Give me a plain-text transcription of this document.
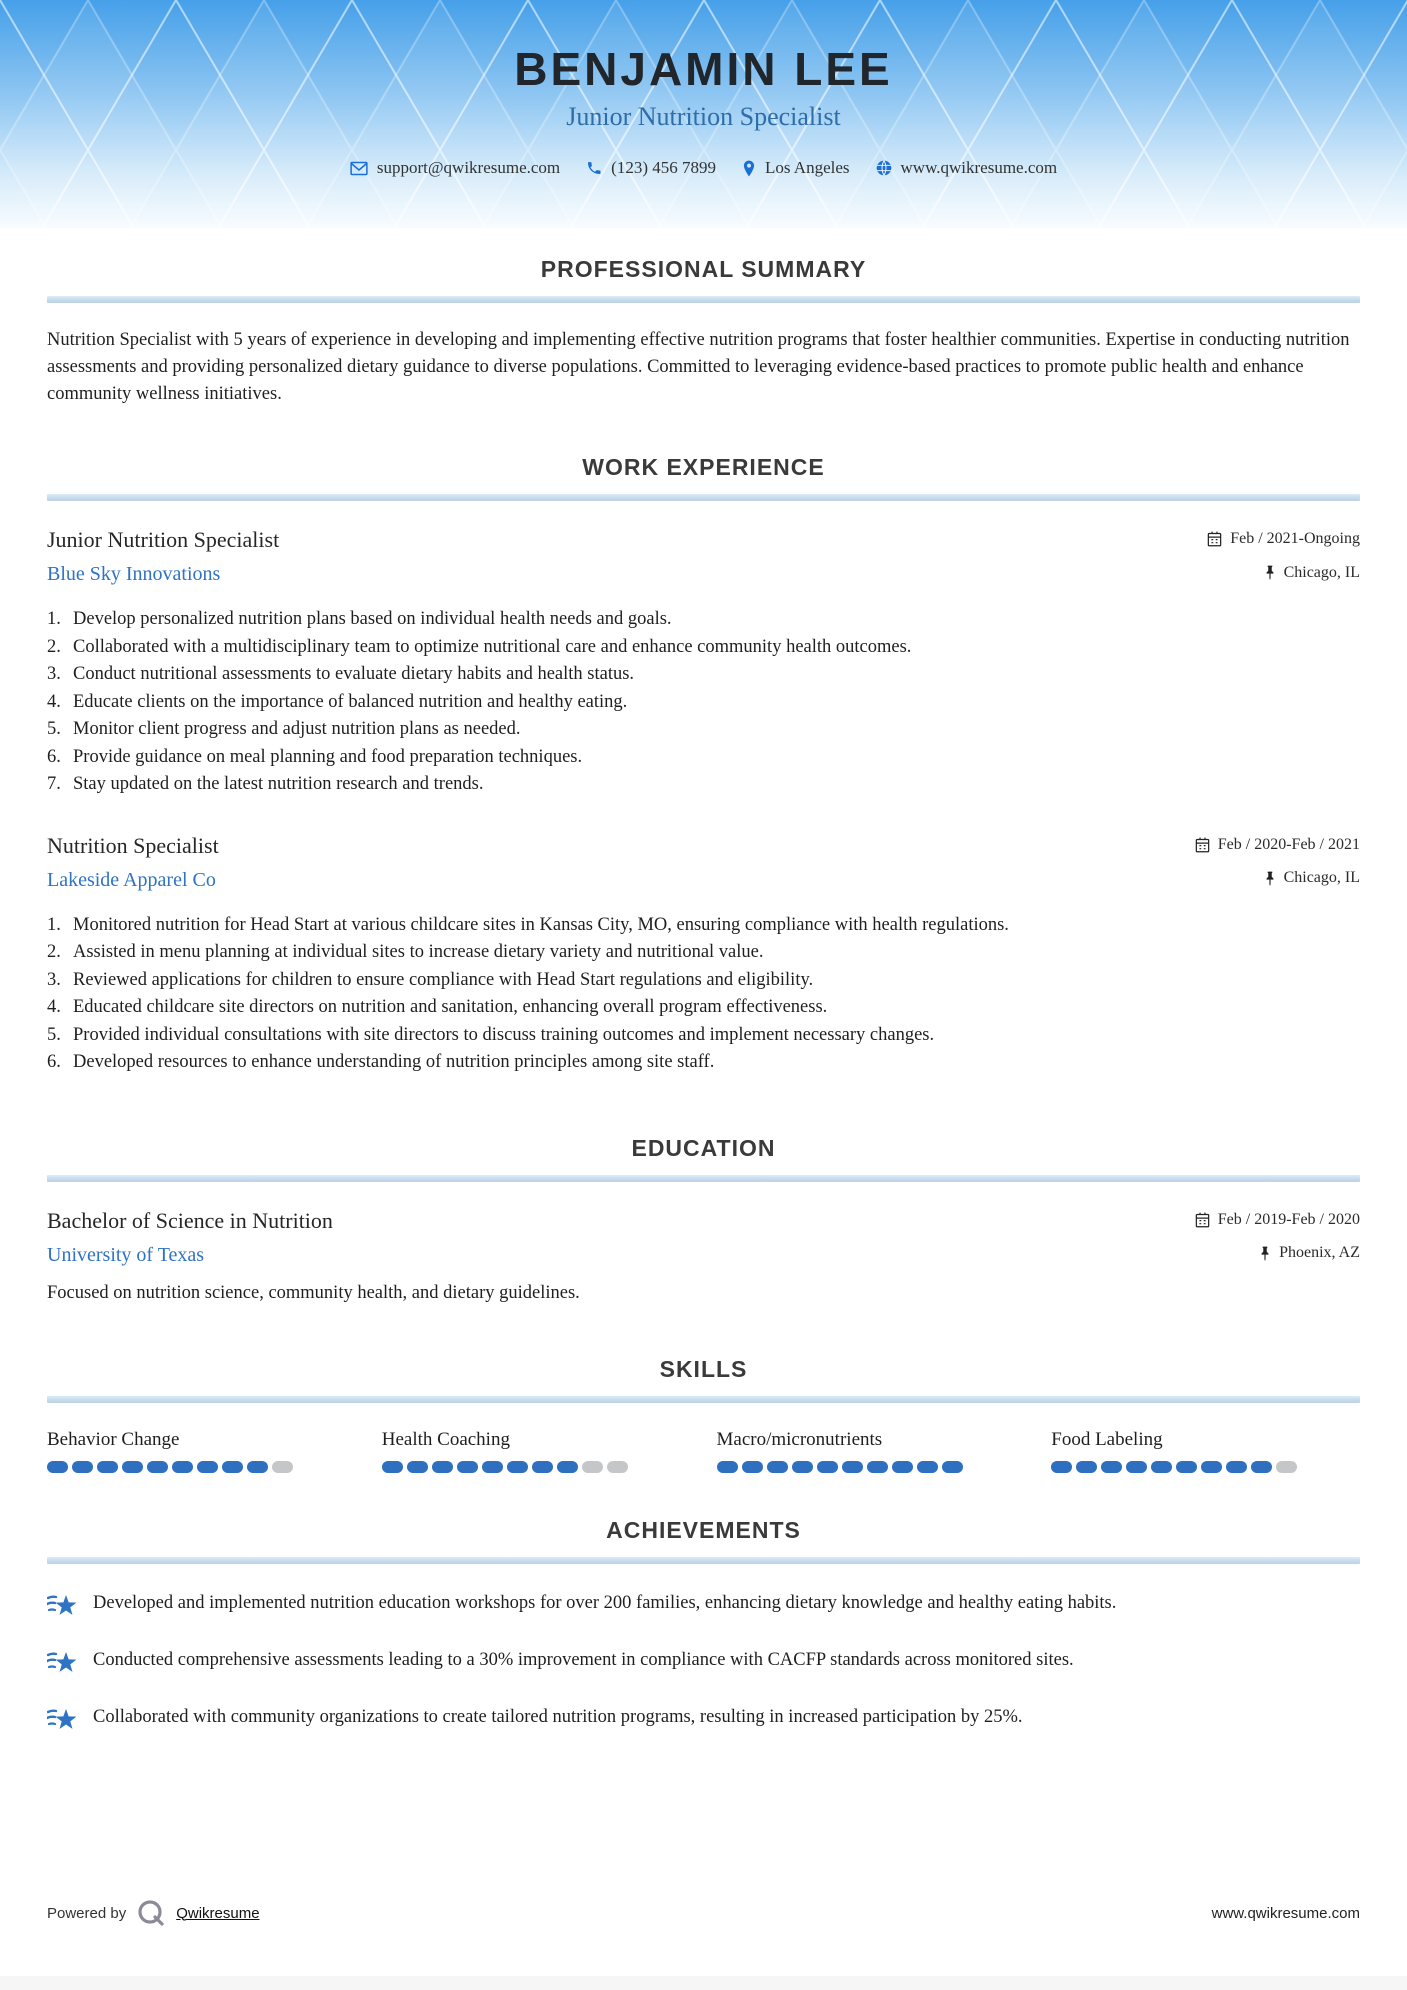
BENJAMIN LEE
Junior Nutrition Specialist
support@qwikresume.com	(123) 456 7899	Los Angeles	www.qwikresume.com
PROFESSIONAL SUMMARY

Nutrition Specialist with 5 years of experience in developing and implementing effective nutrition programs that foster healthier communities. Expertise in conducting nutrition assessments and providing personalized dietary guidance to diverse populations. Committed to leveraging evidence-based practices to promote public health and enhance community wellness initiatives.

WORK EXPERIENCE
Junior Nutrition Specialist	Feb / 2021-Ongoing
Blue Sky Innovations	Chicago, IL
Develop personalized nutrition plans based on individual health needs and goals.
Collaborated with a multidisciplinary team to optimize nutritional care and enhance community health outcomes.
Conduct nutritional assessments to evaluate dietary habits and health status.
Educate clients on the importance of balanced nutrition and healthy eating.
Monitor client progress and adjust nutrition plans as needed.
Provide guidance on meal planning and food preparation techniques.
Stay updated on the latest nutrition research and trends.
Nutrition Specialist	Feb / 2020-Feb / 2021
Lakeside Apparel Co	Chicago, IL
Monitored nutrition for Head Start at various childcare sites in Kansas City, MO, ensuring compliance with health regulations.
Assisted in menu planning at individual sites to increase dietary variety and nutritional value.
Reviewed applications for children to ensure compliance with Head Start regulations and eligibility.
Educated childcare site directors on nutrition and sanitation, enhancing overall program effectiveness.
Provided individual consultations with site directors to discuss training outcomes and implement necessary changes.
Developed resources to enhance understanding of nutrition principles among site staff.
EDUCATION
Bachelor of Science in Nutrition	Feb / 2019-Feb / 2020
University of Texas	Phoenix, AZ

Focused on nutrition science, community health, and dietary guidelines.

SKILLS
Behavior Change	Health Coaching	Macro/micronutrients	Food Labeling
ACHIEVEMENTS

Developed and implemented nutrition education workshops for over 200 families, enhancing dietary knowledge and healthy eating habits.

Conducted comprehensive assessments leading to a 30% improvement in compliance with CACFP standards across monitored sites.

Collaborated with community organizations to create tailored nutrition programs, resulting in increased participation by 25%.

Powered by	Qwikresume	www.qwikresume.com
